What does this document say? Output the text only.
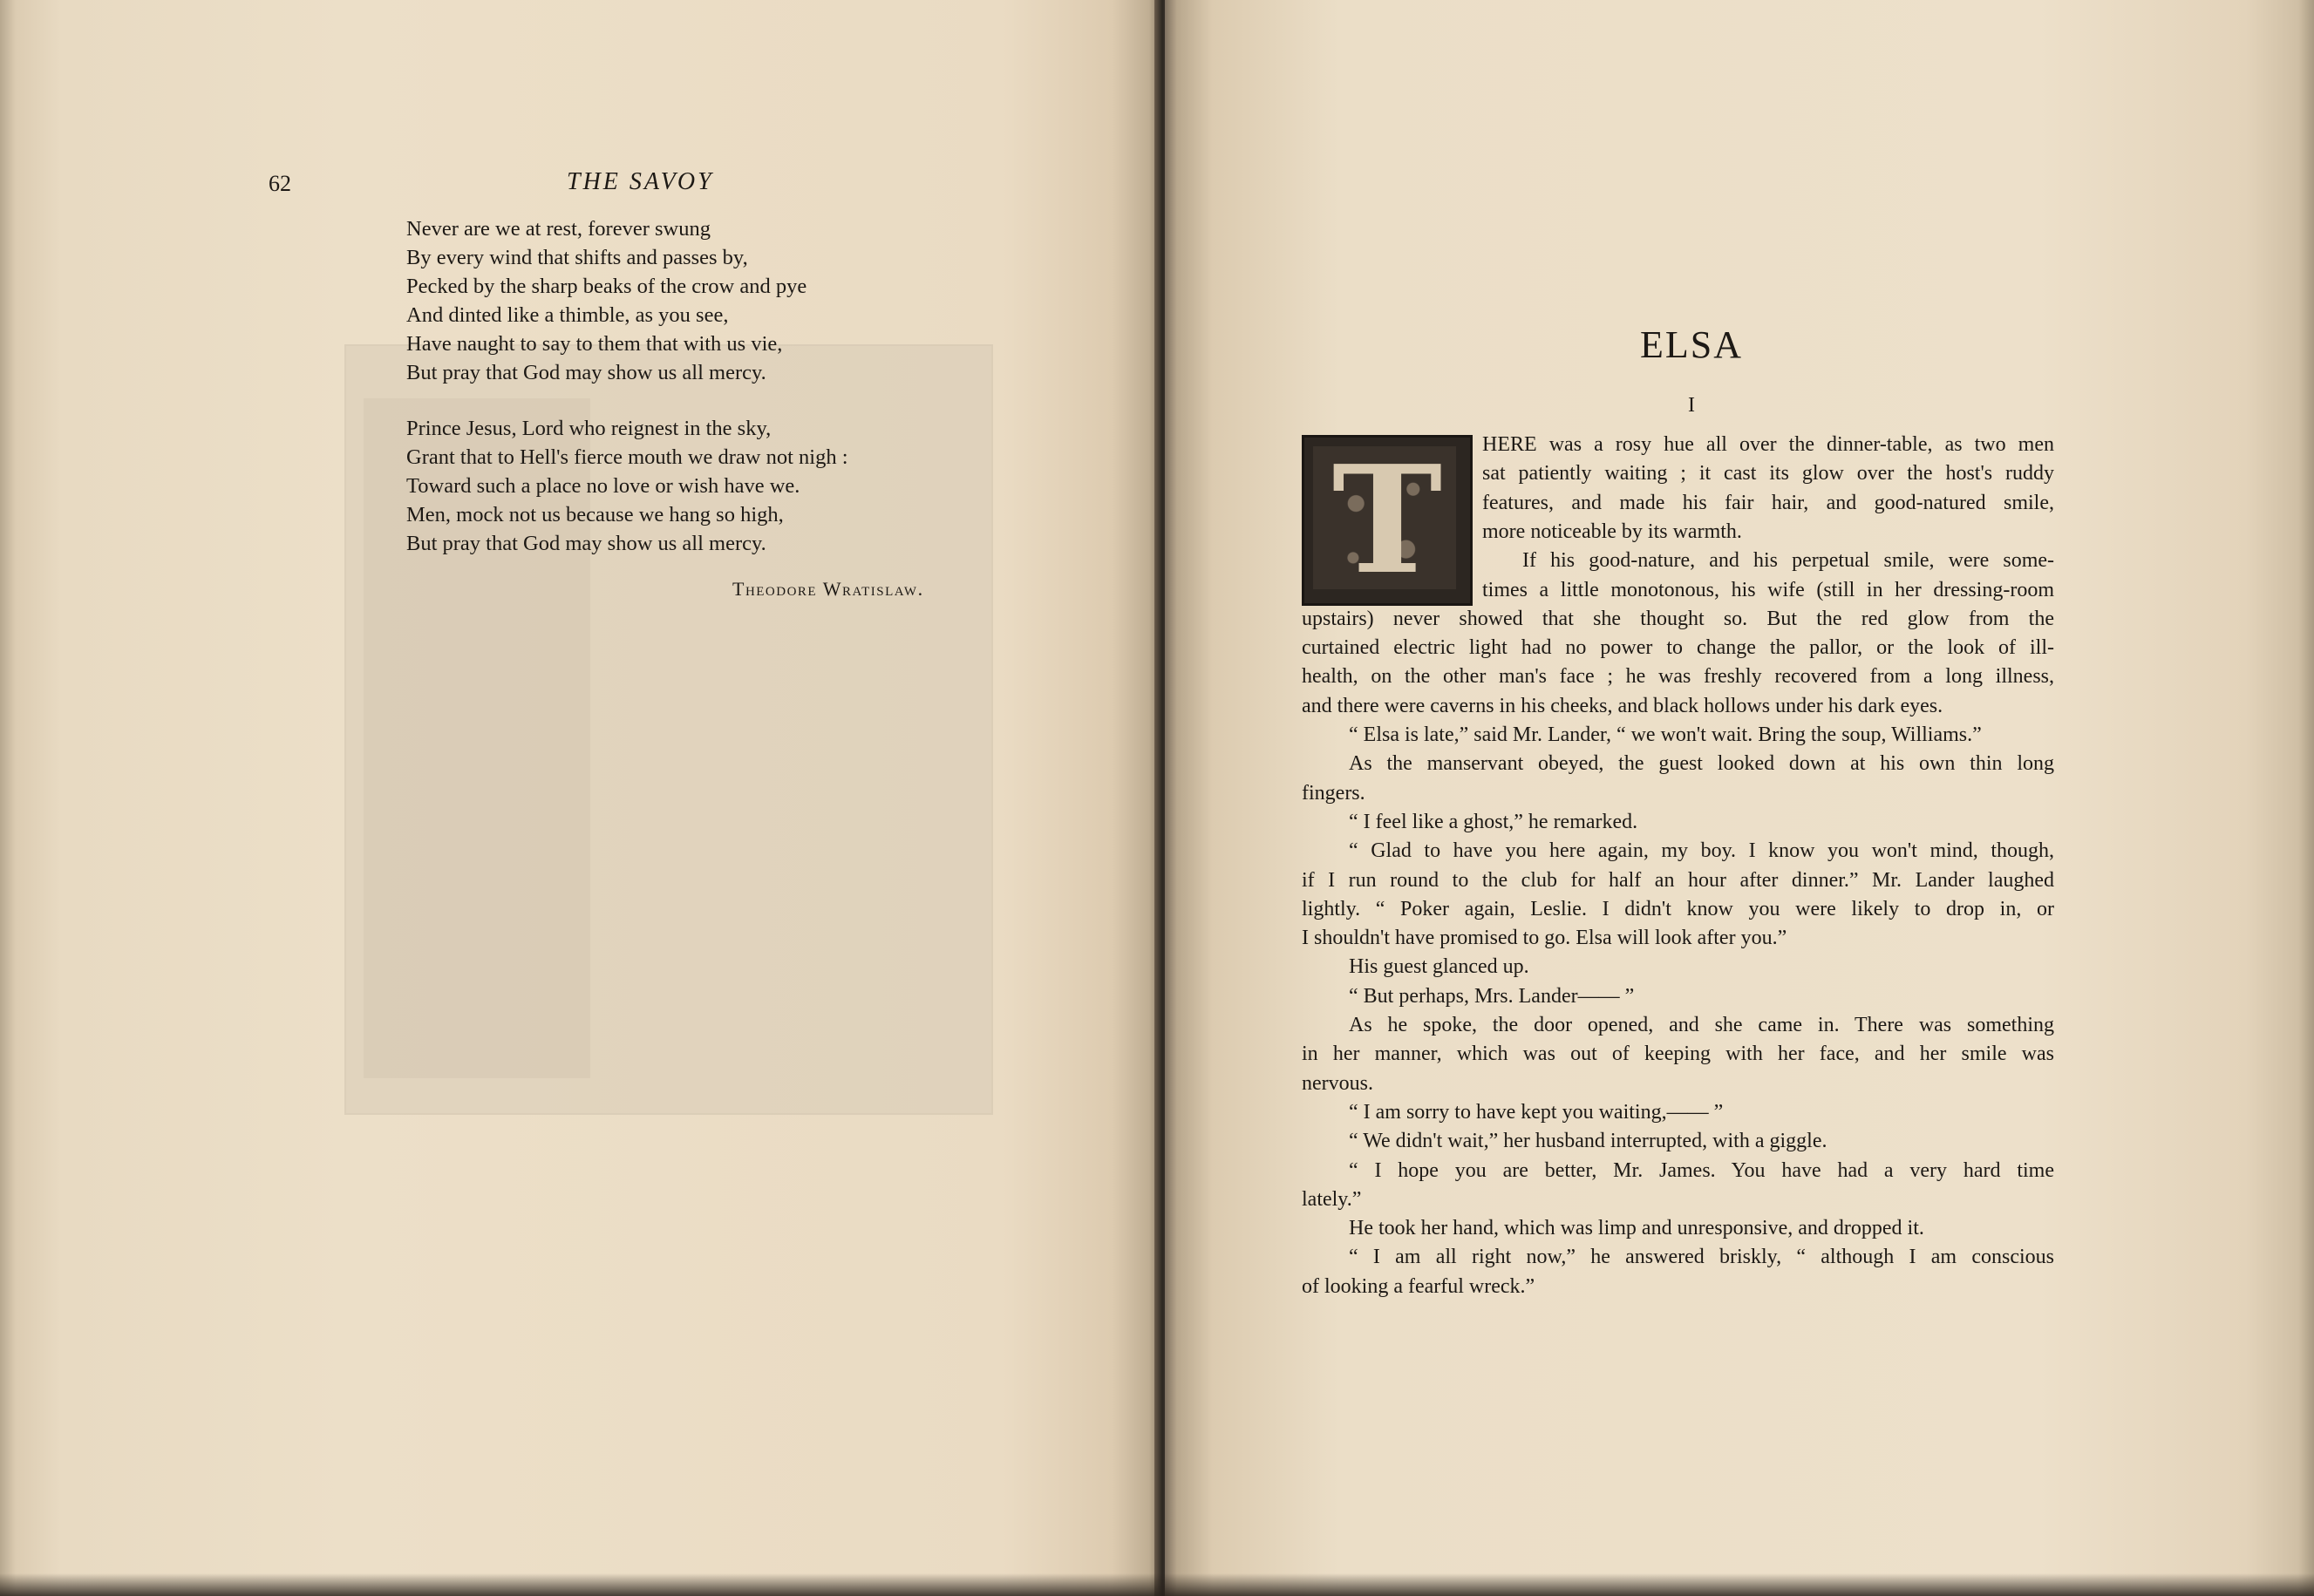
62	THE SAVOY
Never are we at rest, forever swung
By every wind that shifts and passes by,
Pecked by the sharp beaks of the crow and pye
And dinted like a thimble, as you see,
Have naught to say to them that with us vie,
But pray that God may show us all mercy.
Prince Jesus, Lord who reignest in the sky,
Grant that to Hell's fierce mouth we draw not nigh :
Toward such a place no love or wish have we.
Men, mock not us because we hang so high,
But pray that God may show us all mercy.
Theodore Wratislaw.
ELSA
I
T	HERE was a rosy hue all over the dinner-table, as two men
sat patiently waiting ; it cast its glow over the host's ruddy
features, and made his fair hair, and good-natured smile,
more noticeable by its warmth.
If his good-nature, and his perpetual smile, were some-
times a little monotonous, his wife (still in her dressing-room
upstairs) never showed that she thought so. But the red glow from the
curtained electric light had no power to change the pallor, or the look of ill-
health, on the other man's face ; he was freshly recovered from a long illness,
and there were caverns in his cheeks, and black hollows under his dark eyes.
“ Elsa is late,” said Mr. Lander, “ we won't wait. Bring the soup, Williams.”
As the manservant obeyed, the guest looked down at his own thin long
fingers.
“ I feel like a ghost,” he remarked.
“ Glad to have you here again, my boy. I know you won't mind, though,
if I run round to the club for half an hour after dinner.” Mr. Lander laughed
lightly. “ Poker again, Leslie. I didn't know you were likely to drop in, or
I shouldn't have promised to go. Elsa will look after you.”
His guest glanced up.
“ But perhaps, Mrs. Lander—— ”
As he spoke, the door opened, and she came in. There was something
in her manner, which was out of keeping with her face, and her smile was
nervous.
“ I am sorry to have kept you waiting,—— ”
“ We didn't wait,” her husband interrupted, with a giggle.
“ I hope you are better, Mr. James. You have had a very hard time
lately.”
He took her hand, which was limp and unresponsive, and dropped it.
“ I am all right now,” he answered briskly, “ although I am conscious
of looking a fearful wreck.”
